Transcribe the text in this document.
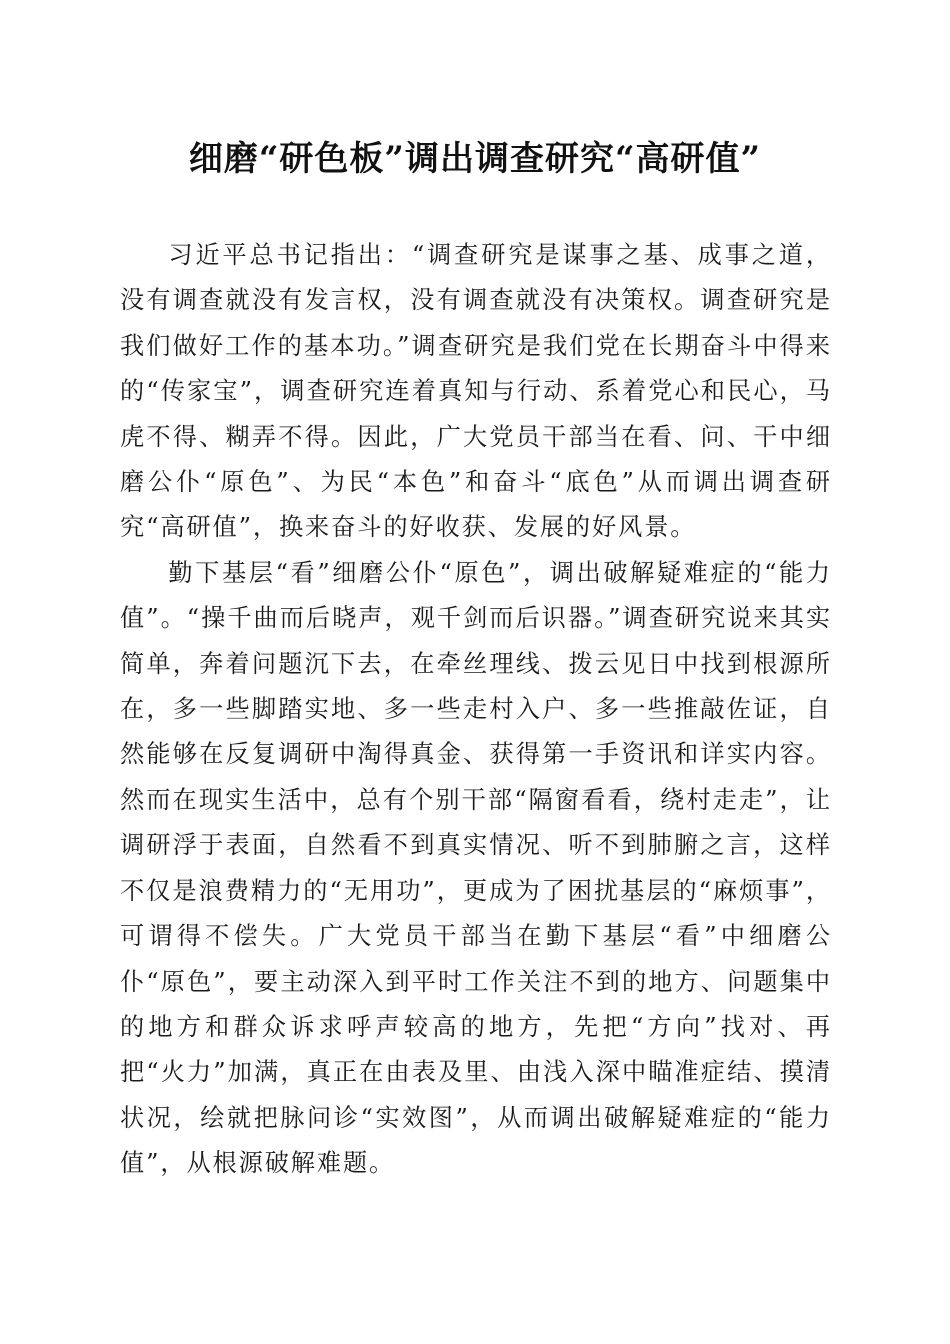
细磨“研色板”调出调查研究“高研值”

习近平总书记指出：“调查研究是谋事之基、成事之道，没有调查就没有发言权，没有调查就没有决策权。调查研究是我们做好工作的基本功。”调查研究是我们党在长期奋斗中得来的“传家宝”，调查研究连着真知与行动、系着党心和民心，马虎不得、糊弄不得。因此，广大党员干部当在看、问、干中细磨公仆“原色”、为民“本色”和奋斗“底色”从而调出调查研究“高研值”，换来奋斗的好收获、发展的好风景。

勤下基层“看”细磨公仆“原色”，调出破解疑难症的“能力值”。“操千曲而后晓声，观千剑而后识器。”调查研究说来其实简单，奔着问题沉下去，在牵丝理线、拨云见日中找到根源所在，多一些脚踏实地、多一些走村入户、多一些推敲佐证，自然能够在反复调研中淘得真金、获得第一手资讯和详实内容。然而在现实生活中，总有个别干部“隔窗看看，绕村走走”，让调研浮于表面，自然看不到真实情况、听不到肺腑之言，这样不仅是浪费精力的“无用功”，更成为了困扰基层的“麻烦事”，可谓得不偿失。广大党员干部当在勤下基层“看”中细磨公仆“原色”，要主动深入到平时工作关注不到的地方、问题集中的地方和群众诉求呼声较高的地方，先把“方向”找对、再把“火力”加满，真正在由表及里、由浅入深中瞄准症结、摸清状况，绘就把脉问诊“实效图”，从而调出破解疑难症的“能力值”，从根源破解难题。
